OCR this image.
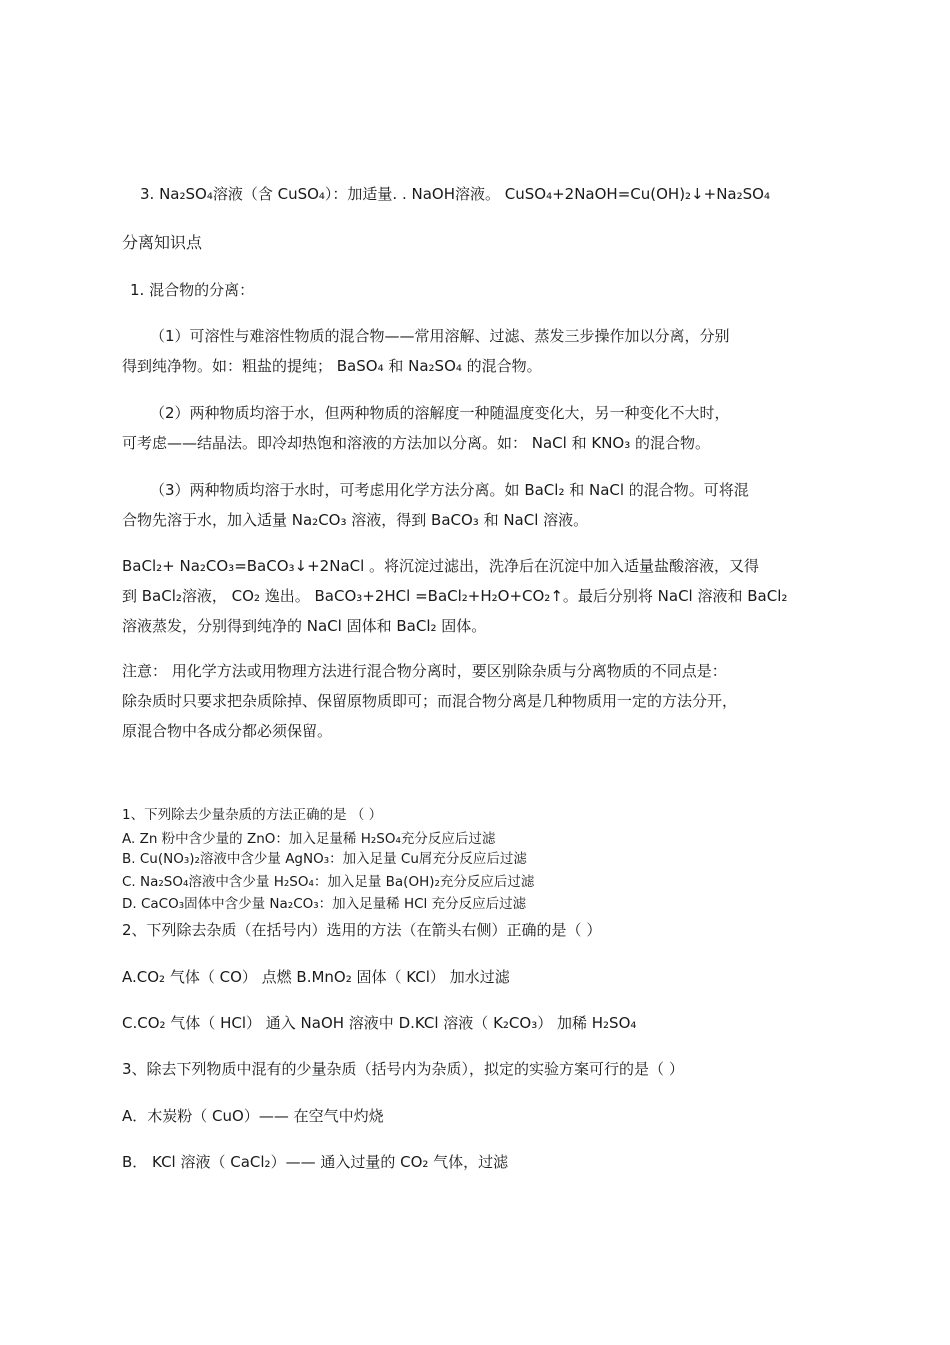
3. Na₂SO₄溶液（含 CuSO₄）：加适量. . NaOH溶液。 CuSO₄+2NaOH=Cu(OH)₂↓+Na₂SO₄
分离知识点
1. 混合物的分离：
（1）可溶性与难溶性物质的混合物——常用溶解、过滤、蒸发三步操作加以分离，分别
得到纯净物。如：粗盐的提纯； BaSO₄ 和 Na₂SO₄ 的混合物。
（2）两种物质均溶于水，但两种物质的溶解度一种随温度变化大，另一种变化不大时，
可考虑——结晶法。即冷却热饱和溶液的方法加以分离。如： NaCl 和 KNO₃ 的混合物。
（3）两种物质均溶于水时，可考虑用化学方法分离。如 BaCl₂ 和 NaCl 的混合物。可将混
合物先溶于水，加入适量 Na₂CO₃ 溶液，得到 BaCO₃ 和 NaCl 溶液。
BaCl₂+ Na₂CO₃=BaCO₃↓+2NaCl 。将沉淀过滤出，洗净后在沉淀中加入适量盐酸溶液，又得
到 BaCl₂溶液， CO₂ 逸出。 BaCO₃+2HCl =BaCl₂+H₂O+CO₂↑。最后分别将 NaCl 溶液和 BaCl₂
溶液蒸发，分别得到纯净的 NaCl 固体和 BaCl₂ 固体。
注意： 用化学方法或用物理方法进行混合物分离时，要区别除杂质与分离物质的不同点是：
除杂质时只要求把杂质除掉、保留原物质即可；而混合物分离是几种物质用一定的方法分开，
原混合物中各成分都必须保留。
1、下列除去少量杂质的方法正确的是 （ ）
A. Zn 粉中含少量的 ZnO：加入足量稀 H₂SO₄充分反应后过滤
B. Cu(NO₃)₂溶液中含少量 AgNO₃：加入足量 Cu屑充分反应后过滤
C. Na₂SO₄溶液中含少量 H₂SO₄：加入足量 Ba(OH)₂充分反应后过滤
D. CaCO₃固体中含少量 Na₂CO₃：加入足量稀 HCl 充分反应后过滤
2、下列除去杂质（在括号内）选用的方法（在箭头右侧）正确的是（ ）
A.CO₂ 气体（ CO） 点燃 B.MnO₂ 固体（ KCl） 加水过滤
C.CO₂ 气体（ HCl） 通入 NaOH 溶液中 D.KCl 溶液（ K₂CO₃） 加稀 H₂SO₄
3、除去下列物质中混有的少量杂质（括号内为杂质），拟定的实验方案可行的是（ ）
A．木炭粉（ CuO）—— 在空气中灼烧
B． KCl 溶液（ CaCl₂）—— 通入过量的 CO₂ 气体，过滤
